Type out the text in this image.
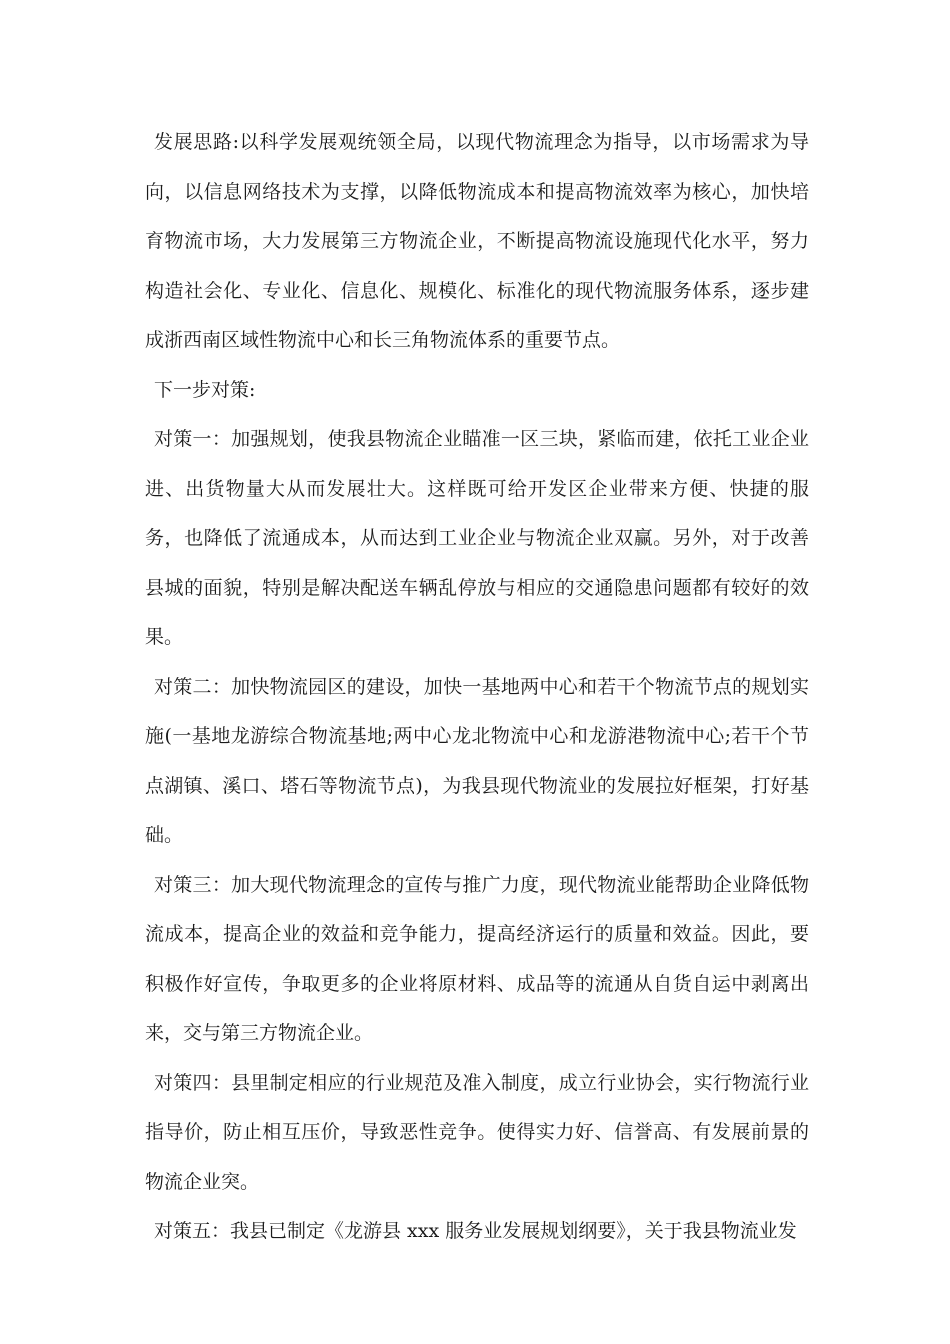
发展思路:以科学发展观统领全局，以现代物流理念为指导，以市场需求为导向，以信息网络技术为支撑，以降低物流成本和提高物流效率为核心，加快培育物流市场，大力发展第三方物流企业，不断提高物流设施现代化水平，努力构造社会化、专业化、信息化、规模化、标准化的现代物流服务体系，逐步建成浙西南区域性物流中心和长三角物流体系的重要节点。

下一步对策:

对策一：加强规划，使我县物流企业瞄准一区三块，紧临而建，依托工业企业进、出货物量大从而发展壮大。这样既可给开发区企业带来方便、快捷的服务，也降低了流通成本，从而达到工业企业与物流企业双赢。另外，对于改善县城的面貌，特别是解决配送车辆乱停放与相应的交通隐患问题都有较好的效果。

对策二：加快物流园区的建设，加快一基地两中心和若干个物流节点的规划实施(一基地龙游综合物流基地;两中心龙北物流中心和龙游港物流中心;若干个节点湖镇、溪口、塔石等物流节点)，为我县现代物流业的发展拉好框架，打好基础。

对策三：加大现代物流理念的宣传与推广力度，现代物流业能帮助企业降低物流成本，提高企业的效益和竞争能力，提高经济运行的质量和效益。因此，要积极作好宣传，争取更多的企业将原材料、成品等的流通从自货自运中剥离出来，交与第三方物流企业。

对策四：县里制定相应的行业规范及准入制度，成立行业协会，实行物流行业指导价，防止相互压价，导致恶性竞争。使得实力好、信誉高、有发展前景的物流企业突。

对策五：我县已制定《龙游县 xxx 服务业发展规划纲要》，关于我县物流业发
